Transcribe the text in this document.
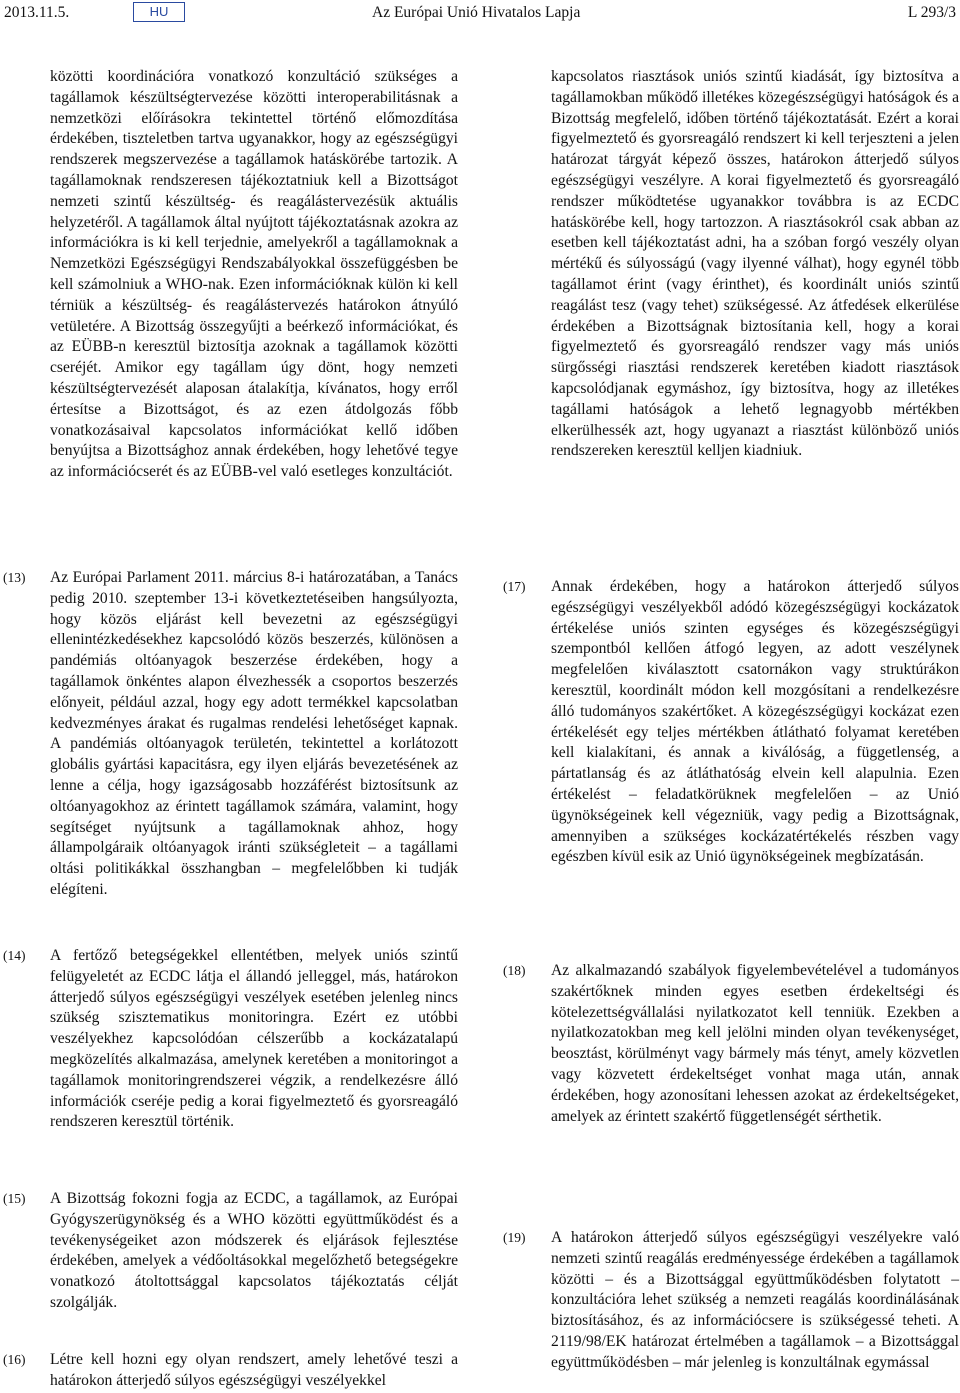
2013.11.5.	HU	Az Európai Unió Hivatalos Lapja	L 293/3
közötti koordinációra vonatkozó konzultáció szükséges a tagállamok készültségtervezése közötti interoperabilitásnak a nemzetközi előírásokra tekintettel történő előmozdítása érdekében, tiszteletben tartva ugyanakkor, hogy az egészségügyi rendszerek megszervezése a tagállamok hatáskörébe tartozik. A tagállamoknak rendszeresen tájékoztatniuk kell a Bizottságot nemzeti szintű készültség- és reagálástervezésük aktuális helyzetéről. A tagállamok által nyújtott tájékoztatásnak azokra az információkra is ki kell terjednie, amelyekről a tagállamoknak a Nemzetközi Egészségügyi Rendszabályokkal összefüggésben be kell számolniuk a WHO-nak. Ezen információknak külön ki kell térniük a készültség- és reagálástervezés határokon átnyúló vetületére. A Bizottság összegyűjti a beérkező információkat, és az EÜBB-n keresztül biztosítja azoknak a tagállamok közötti cseréjét. Amikor egy tagállam úgy dönt, hogy nemzeti készültségtervezését alaposan átalakítja, kívánatos, hogy erről értesítse a Bizottságot, és az ezen átdolgozás főbb vonatkozásaival kapcsolatos információkat kellő időben benyújtsa a Bizottsághoz annak érdekében, hogy lehetővé tegye az információcserét és az EÜBB-vel való esetleges konzultációt.
kapcsolatos riasztások uniós szintű kiadását, így biztosítva a tagállamokban működő illetékes közegészségügyi hatóságok és a Bizottság megfelelő, időben történő tájékoztatását. Ezért a korai figyelmeztető és gyorsreagáló rendszert ki kell terjeszteni a jelen határozat tárgyát képező összes, határokon átterjedő súlyos egészségügyi veszélyre. A korai figyelmeztető és gyorsreagáló rendszer működtetése ugyanakkor továbbra is az ECDC hatáskörébe kell, hogy tartozzon. A riasztásokról csak abban az esetben kell tájékoztatást adni, ha a szóban forgó veszély olyan mértékű és súlyosságú (vagy ilyenné válhat), hogy egynél több tagállamot érint (vagy érinthet), és koordinált uniós szintű reagálást tesz (vagy tehet) szükségessé. Az átfedések elkerülése érdekében a Bizottságnak biztosítania kell, hogy a korai figyelmeztető és gyorsreagáló rendszer vagy más uniós sürgősségi riasztási rendszerek keretében kiadott riasztások kapcsolódjanak egymáshoz, így biztosítva, hogy az illetékes tagállami hatóságok a lehető legnagyobb mértékben elkerülhessék azt, hogy ugyanazt a riasztást különböző uniós rendszereken keresztül kelljen kiadniuk.
(13) Az Európai Parlament 2011. március 8-i határozatában, a Tanács pedig 2010. szeptember 13-i következtetéseiben hangsúlyozta, hogy közös eljárást kell bevezetni az egészségügyi ellenintézkedésekhez kapcsolódó közös beszerzés, különösen a pandémiás oltóanyagok beszerzése érdekében, hogy a tagállamok önkéntes alapon élvezhessék a csoportos beszerzés előnyeit, például azzal, hogy egy adott termékkel kapcsolatban kedvezményes árakat és rugalmas rendelési lehetőséget kapnak. A pandémiás oltóanyagok területén, tekintettel a korlátozott globális gyártási kapacitásra, egy ilyen eljárás bevezetésének az lenne a célja, hogy igazságosabb hozzáférést biztosítsunk az oltóanyagokhoz az érintett tagállamok számára, valamint, hogy segítséget nyújtsunk a tagállamoknak ahhoz, hogy állampolgáraik oltóanyagok iránti szükségleteit – a tagállami oltási politikákkal összhangban – megfelelőbben ki tudják elégíteni.
(17) Annak érdekében, hogy a határokon átterjedő súlyos egészségügyi veszélyekből adódó közegészségügyi kockázatok értékelése uniós szinten egységes és közegészségügyi szempontból kellően átfogó legyen, az adott veszélynek megfelelően kiválasztott csatornákon vagy struktúrákon keresztül, koordinált módon kell mozgósítani a rendelkezésre álló tudományos szakértőket. A közegészségügyi kockázat ezen értékelését egy teljes mértékben átlátható folyamat keretében kell kialakítani, és annak a kiválóság, a függetlenség, a pártatlanság és az átláthatóság elvein kell alapulnia. Ezen értékelést – feladatkörüknek megfelelően – az Unió ügynökségeinek kell végezniük, vagy pedig a Bizottságnak, amennyiben a szükséges kockázatértékelés részben vagy egészben kívül esik az Unió ügynökségeinek megbízatásán.
(14) A fertőző betegségekkel ellentétben, melyek uniós szintű felügyeletét az ECDC látja el állandó jelleggel, más, határokon átterjedő súlyos egészségügyi veszélyek esetében jelenleg nincs szükség szisztematikus monitoringra. Ezért ez utóbbi veszélyekhez kapcsolódóan célszerűbb a kockázatalapú megközelítés alkalmazása, amelynek keretében a monitoringot a tagállamok monitoringrendszerei végzik, a rendelkezésre álló információk cseréje pedig a korai figyelmeztető és gyorsreagáló rendszeren keresztül történik.
(18) Az alkalmazandó szabályok figyelembevételével a tudományos szakértőknek minden egyes esetben érdekeltségi és kötelezettségvállalási nyilatkozatot kell tenniük. Ezekben a nyilatkozatokban meg kell jelölni minden olyan tevékenységet, beosztást, körülményt vagy bármely más tényt, amely közvetlen vagy közvetett érdekeltséget vonhat maga után, annak érdekében, hogy azonosítani lehessen azokat az érdekeltségeket, amelyek az érintett szakértő függetlenségét sérthetik.
(15) A Bizottság fokozni fogja az ECDC, a tagállamok, az Európai Gyógyszerügynökség és a WHO közötti együttműködést és a tevékenységeiket azon módszerek és eljárások fejlesztése érdekében, amelyek a védőoltásokkal megelőzhető betegségekre vonatkozó átoltottsággal kapcsolatos tájékoztatás célját szolgálják.
(19) A határokon átterjedő súlyos egészségügyi veszélyekre való nemzeti szintű reagálás eredményessége érdekében a tagállamok közötti – és a Bizottsággal együttműködésben folytatott – konzultációra lehet szükség a nemzeti reagálás koordinálásának biztosításához, és az információcsere is szükségessé teheti. A 2119/98/EK határozat értelmében a tagállamok – a Bizottsággal együttműködésben – már jelenleg is konzultálnak egymással
(16) Létre kell hozni egy olyan rendszert, amely lehetővé teszi a határokon átterjedő súlyos egészségügyi veszélyekkel
